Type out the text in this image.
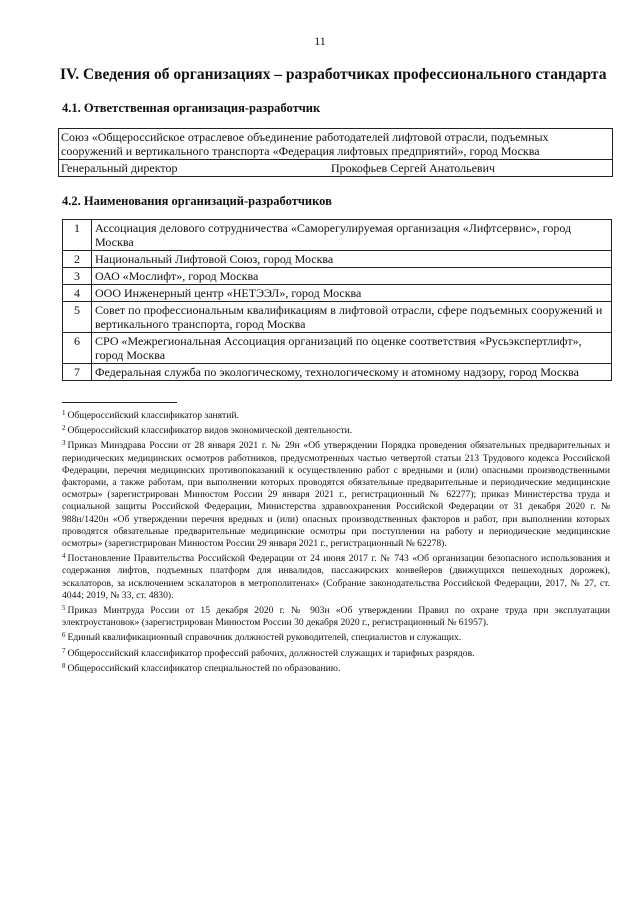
11
IV. Сведения об организациях – разработчиках профессионального стандарта
4.1. Ответственная организация-разработчик
Союз «Общероссийское отраслевое объединение работодателей лифтовой отрасли, подъемных сооружений и вертикального транспорта «Федерация лифтовых предприятий», город Москва
Генеральный директор	Прокофьев Сергей Анатольевич
4.2. Наименования организаций-разработчиков
1	Ассоциация делового сотрудничества «Саморегулируемая организация «Лифтсервис», город Москва
2	Национальный Лифтовой Союз, город Москва
3	ОАО «Мослифт», город Москва
4	ООО Инженерный центр «НЕТЭЭЛ», город Москва
5	Совет по профессиональным квалификациям в лифтовой отрасли, сфере подъемных сооружений и вертикального транспорта, город Москва
6	СРО «Межрегиональная Ассоциация организаций по оценке соответствия «Русьэкспертлифт», город Москва
7	Федеральная служба по экологическому, технологическому и атомному надзору, город Москва

$^1$ Общероссийский классификатор занятий.

$^2$ Общероссийский классификатор видов экономической деятельности.

$^3$ Приказ Минздрава России от 28 января 2021 г. № 29н «Об утверждении Порядка проведения обязательных предварительных и периодических медицинских осмотров работников, предусмотренных частью четвертой статьи 213 Трудового кодекса Российской Федерации, перечня медицинских противопоказаний к осуществлению работ с вредными и (или) опасными производственными факторами, а также работам, при выполнении которых проводятся обязательные предварительные и периодические медицинские осмотры» (зарегистрирован Минюстом России 29 января 2021 г., регистрационный № 62277); приказ Министерства труда и социальной защиты Российской Федерации, Министерства здравоохранения Российской Федерации от 31 декабря 2020 г. № 988н/1420н «Об утверждении перечня вредных и (или) опасных производственных факторов и работ, при выполнении которых проводятся обязательные предварительные медицинские осмотры при поступлении на работу и периодические медицинские осмотры» (зарегистрирован Минюстом России 29 января 2021 г., регистрационный № 62278).

$^4$ Постановление Правительства Российской Федерации от 24 июня 2017 г. № 743 «Об организации безопасного использования и содержания лифтов, подъемных платформ для инвалидов, пассажирских конвейеров (движущихся пешеходных дорожек), эскалаторов, за исключением эскалаторов в метрополитенах» (Собрание законодательства Российской Федерации, 2017, № 27, ст. 4044; 2019, № 33, ст. 4830).

$^5$ Приказ Минтруда России от 15 декабря 2020 г. № 903н «Об утверждении Правил по охране труда при эксплуатации электроустановок» (зарегистрирован Минюстом России 30 декабря 2020 г., регистрационный № 61957).

$^6$ Единый квалификационный справочник должностей руководителей, специалистов и служащих.

$^7$ Общероссийский классификатор профессий рабочих, должностей служащих и тарифных разрядов.

$^8$ Общероссийский классификатор специальностей по образованию.
